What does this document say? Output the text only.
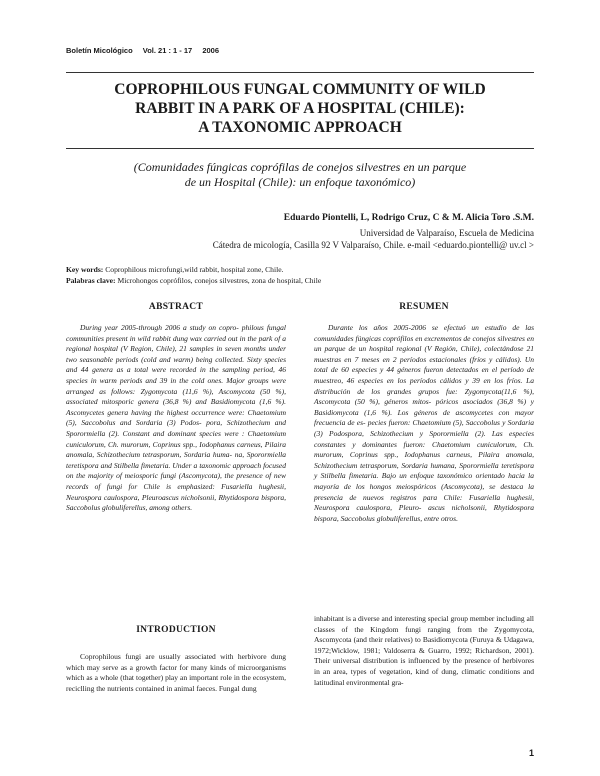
Boletín Micológico Vol. 21 : 1 - 17 2006
COPROPHILOUS FUNGAL COMMUNITY OF WILD
RABBIT IN A PARK OF A HOSPITAL (CHILE):
A TAXONOMIC APPROACH
(Comunidades fúngicas coprófilas de conejos silvestres en un parque
de un Hospital (Chile): un enfoque taxonómico)
Eduardo Piontelli, L, Rodrigo Cruz, C & M. Alicia Toro .S.M.
Universidad de Valparaíso, Escuela de Medicina
Cátedra de micología, Casilla 92 V Valparaíso, Chile. e-mail <eduardo.piontelli@ uv.cl >
Key words: Coprophilous microfungi,wild rabbit, hospital zone, Chile.
Palabras clave: Microhongos coprófilos, conejos silvestres, zona de hospital, Chile
ABSTRACT	RESUMEN

During year 2005-through 2006 a study on copro- philous fungal communities present in wild rabbit dung wax carried out in the park of a regional hospital (V Region, Chile), 21 samples in seven months under two seasonable periods (cold and warm) being collected. Sixty species and 44 genera as a total were recorded in the sampling period, 46 species in warm periods and 39 in the cold ones. Major groups were arranged as follows: Zygomycota (11,6 %), Ascomycota (50 %), associated mitosporic genera (36,8 %) and Basidiomycota (1,6 %). Ascomycetes genera having the highest occurrence were: Chaetomium (5), Saccobolus and Sordaria (3) Podos- pora, Schizothecium and Sporormiella (2). Constant and dominant species were : Chaetomium cuniculorum, Ch. murorum, Coprinus spp., Iodophanus carneus, Pilaira anomala, Schizothecium tetrasporum, Sordaria huma- na, Sporormiella teretispora and Stilbella fimetaria. Under a taxonomic approach focused on the majority of meiosporic fungi (Ascomycota), the presence of new records of fungi for Chile is emphasized: Fusariella hughesii, Neurospora caulospora, Pleuroascus nicholsonii, Rhytidospora bispora, Saccobolus globuliferellus, among others.

Durante los años 2005-2006 se efectuó un estudio de las comunidades fúngicas coprófilos en excrementos de conejos silvestres en un parque de un hospital regional (V Región, Chile), colectándose 21 muestras en 7 meses en 2 períodos estacionales (fríos y cálidos). Un total de 60 especies y 44 géneros fueron detectados en el período de muestreo, 46 especies en los períodos cálidos y 39 en los fríos. La distribución de los grandes grupos fue: Zygomycota(11,6 %), Ascomycota (50 %), géneros mitos- póricos asociados (36,8 %) y Basidiomycota (1,6 %). Los géneros de ascomycetes con mayor frecuencia de es- pecies fueron: Chaetomium (5), Saccobolus y Sordaria (3) Podospora, Schizothecium y Sporormiella (2). Las especies constantes y dominantes fueron: Chaetomium cuniculorum, Ch. murorum, Coprinus spp., Iodophanus carneus, Pilaira anomala, Schizothecium tetrasporum, Sordaria humana, Sporormiella teretispora y Stilbella fimetaria. Bajo un enfoque taxonómico orientado hacia la mayoría de los hongos meiospóricos (Ascomycota), se destaca la presencia de nuevos registros para Chile: Fusariella hughesii, Neurospora caulospora, Pleuro- ascus nicholsonii, Rhytidospora bispora, Saccobolus globuliferellus, entre otros.

INTRODUCTION

Coprophilous fungi are usually associated with herbivore dung which may serve as a growth factor for many kinds of microorganisms which as a whole (that together) play an important role in the ecosystem, reciclling the nutrients contained in animal faeces. Fungal dung

inhabitant is a diverse and interesting special group member including all classes of the Kingdom fungi ranging from the Zygomycota, Ascomycota (and their relatives) to Basidiomycota (Furuya & Udagawa, 1972;Wicklow, 1981; Valdoserra & Guarro, 1992; Richardson, 2001). Their universal distribution is influenced by the presence of herbivores in an area, types of vegetation, kind of dung, climatic conditions and latitudinal environmental gra-

1
